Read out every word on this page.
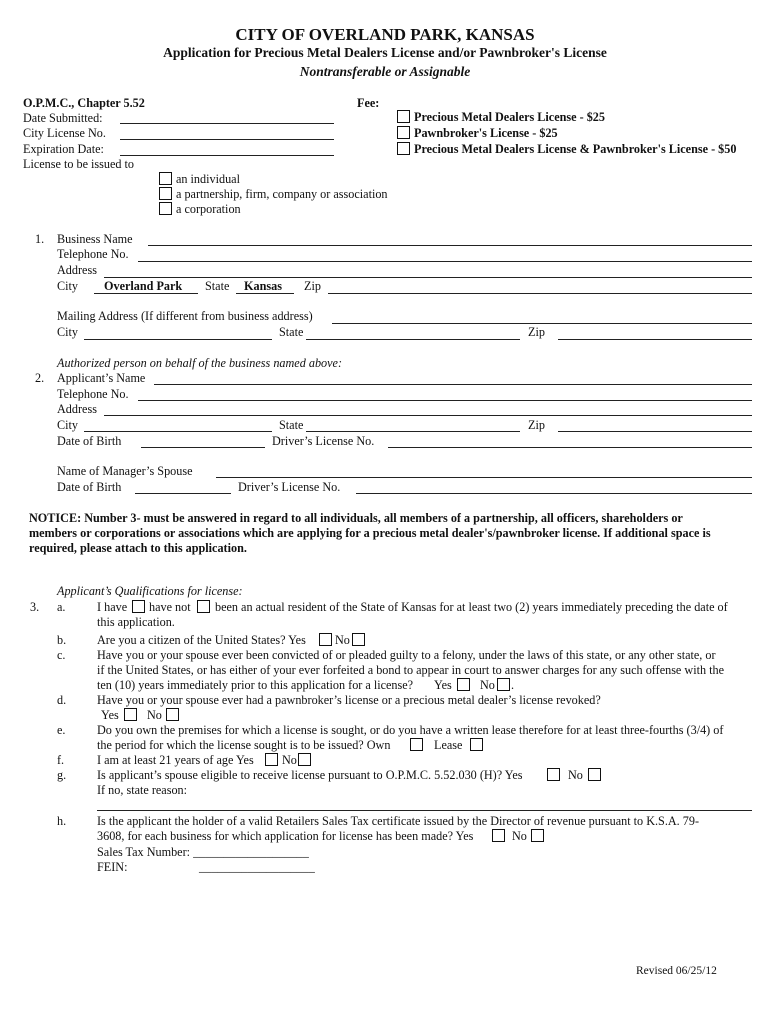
CITY OF OVERLAND PARK, KANSAS
Application for Precious Metal Dealers License and/or Pawnbroker's License
Nontransferable or Assignable
O.P.M.C., Chapter 5.52
Date Submitted:
City License No.
Expiration Date:
License to be issued to
Fee:
Precious Metal Dealers License - $25
Pawnbroker's License - $25
Precious Metal Dealers License & Pawnbroker's License - $50
an individual
a partnership, firm, company or association
a corporation
1. Business Name
Telephone No.
Address
City Overland Park State Kansas Zip
Mailing Address (If different from business address)
City	State	Zip
Authorized person on behalf of the business named above:
2. Applicant’s Name
Telephone No.
Address
City	State	Zip
Date of Birth	Driver’s License No.
Name of Manager’s Spouse
Date of Birth	Driver’s License No.
NOTICE: Number 3- must be answered in regard to all individuals, all members of a partnership, all officers, shareholders or
members or corporations or associations which are applying for a precious metal dealer's/pawnbroker license. If additional space is
required, please attach to this application.
Applicant’s Qualifications for license:
3. a.	I have have not been an actual resident of the State of Kansas for at least two (2) years immediately preceding the date of
this application.
b.	Are you a citizen of the United States? Yes No
c.	Have you or your spouse ever been convicted of or pleaded guilty to a felony, under the laws of this state, or any other state, or
if the United States, or has either of your ever forfeited a bond to appear in court to answer charges for any such offense with the
ten (10) years immediately prior to this application for a license? Yes No .
d.	Have you or your spouse ever had a pawnbroker’s license or a precious metal dealer’s license revoked?
Yes No
e.	Do you own the premises for which a license is sought, or do you have a written lease therefore for at least three-fourths (3/4) of
the period for which the license sought is to be issued? Own	Lease
f.	I am at least 21 years of age Yes No
g.	Is applicant’s spouse eligible to receive license pursuant to O.P.M.C. 5.52.030 (H)? Yes	No
If no, state reason:
h.	Is the applicant the holder of a valid Retailers Sales Tax certificate issued by the Director of revenue pursuant to K.S.A. 79-
3608, for each business for which application for license has been made? Yes	No
Sales Tax Number: ___________________
FEIN:	___________________
Revised 06/25/12
